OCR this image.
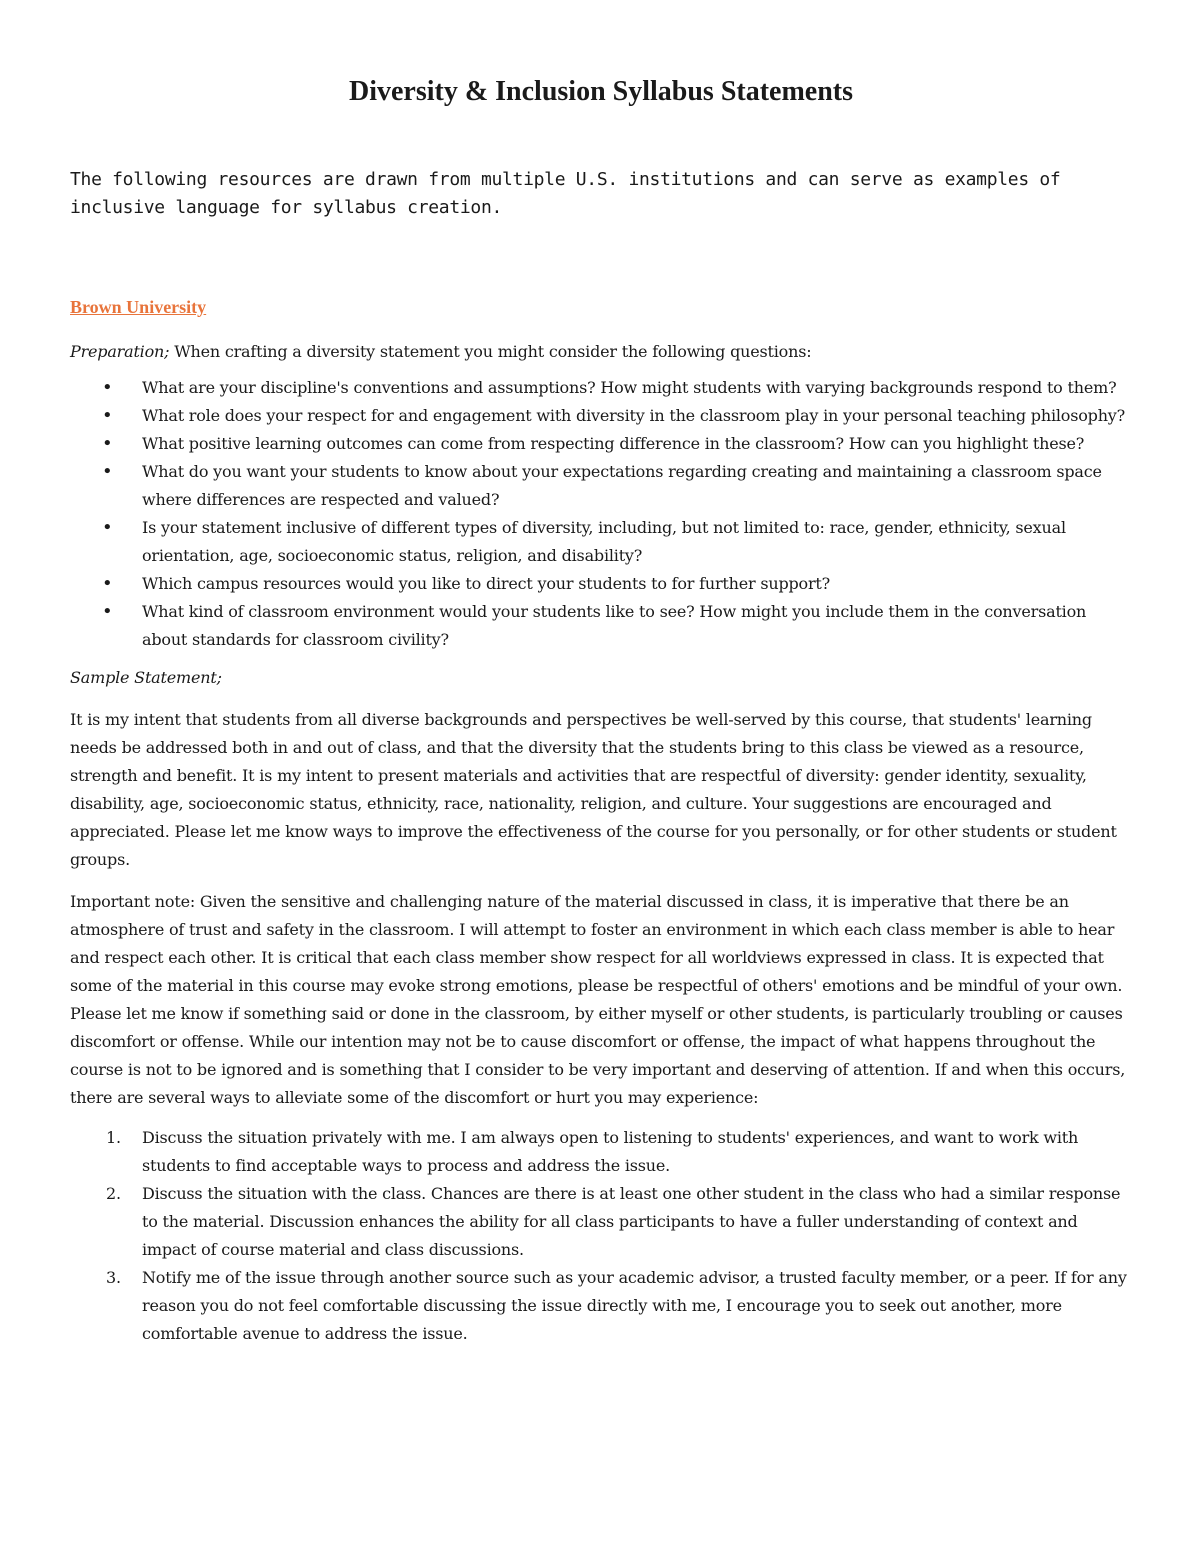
Diversity & Inclusion Syllabus Statements
The following resources are drawn from multiple U.S. institutions and can serve as examples of inclusive language for syllabus creation.
Brown University
Preparation; When crafting a diversity statement you might consider the following questions:
• What are your discipline's conventions and assumptions? How might students with varying backgrounds respond to them?
• What role does your respect for and engagement with diversity in the classroom play in your personal teaching philosophy?
• What positive learning outcomes can come from respecting difference in the classroom? How can you highlight these?
• What do you want your students to know about your expectations regarding creating and maintaining a classroom space where differences are respected and valued?
• Is your statement inclusive of different types of diversity, including, but not limited to: race, gender, ethnicity, sexual orientation, age, socioeconomic status, religion, and disability?
• Which campus resources would you like to direct your students to for further support?
• What kind of classroom environment would your students like to see? How might you include them in the conversation about standards for classroom civility?
Sample Statement;

It is my intent that students from all diverse backgrounds and perspectives be well-served by this course, that students' learning needs be addressed both in and out of class, and that the diversity that the students bring to this class be viewed as a resource, strength and benefit. It is my intent to present materials and activities that are respectful of diversity: gender identity, sexuality, disability, age, socioeconomic status, ethnicity, race, nationality, religion, and culture. Your suggestions are encouraged and appreciated. Please let me know ways to improve the effectiveness of the course for you personally, or for other students or student groups.

Important note: Given the sensitive and challenging nature of the material discussed in class, it is imperative that there be an atmosphere of trust and safety in the classroom. I will attempt to foster an environment in which each class member is able to hear and respect each other. It is critical that each class member show respect for all worldviews expressed in class. It is expected that some of the material in this course may evoke strong emotions, please be respectful of others' emotions and be mindful of your own. Please let me know if something said or done in the classroom, by either myself or other students, is particularly troubling or causes discomfort or offense. While our intention may not be to cause discomfort or offense, the impact of what happens throughout the course is not to be ignored and is something that I consider to be very important and deserving of attention. If and when this occurs, there are several ways to alleviate some of the discomfort or hurt you may experience:

1. Discuss the situation privately with me. I am always open to listening to students' experiences, and want to work with students to find acceptable ways to process and address the issue.
2. Discuss the situation with the class. Chances are there is at least one other student in the class who had a similar response to the material. Discussion enhances the ability for all class participants to have a fuller understanding of context and impact of course material and class discussions.
3. Notify me of the issue through another source such as your academic advisor, a trusted faculty member, or a peer. If for any reason you do not feel comfortable discussing the issue directly with me, I encourage you to seek out another, more comfortable avenue to address the issue.
